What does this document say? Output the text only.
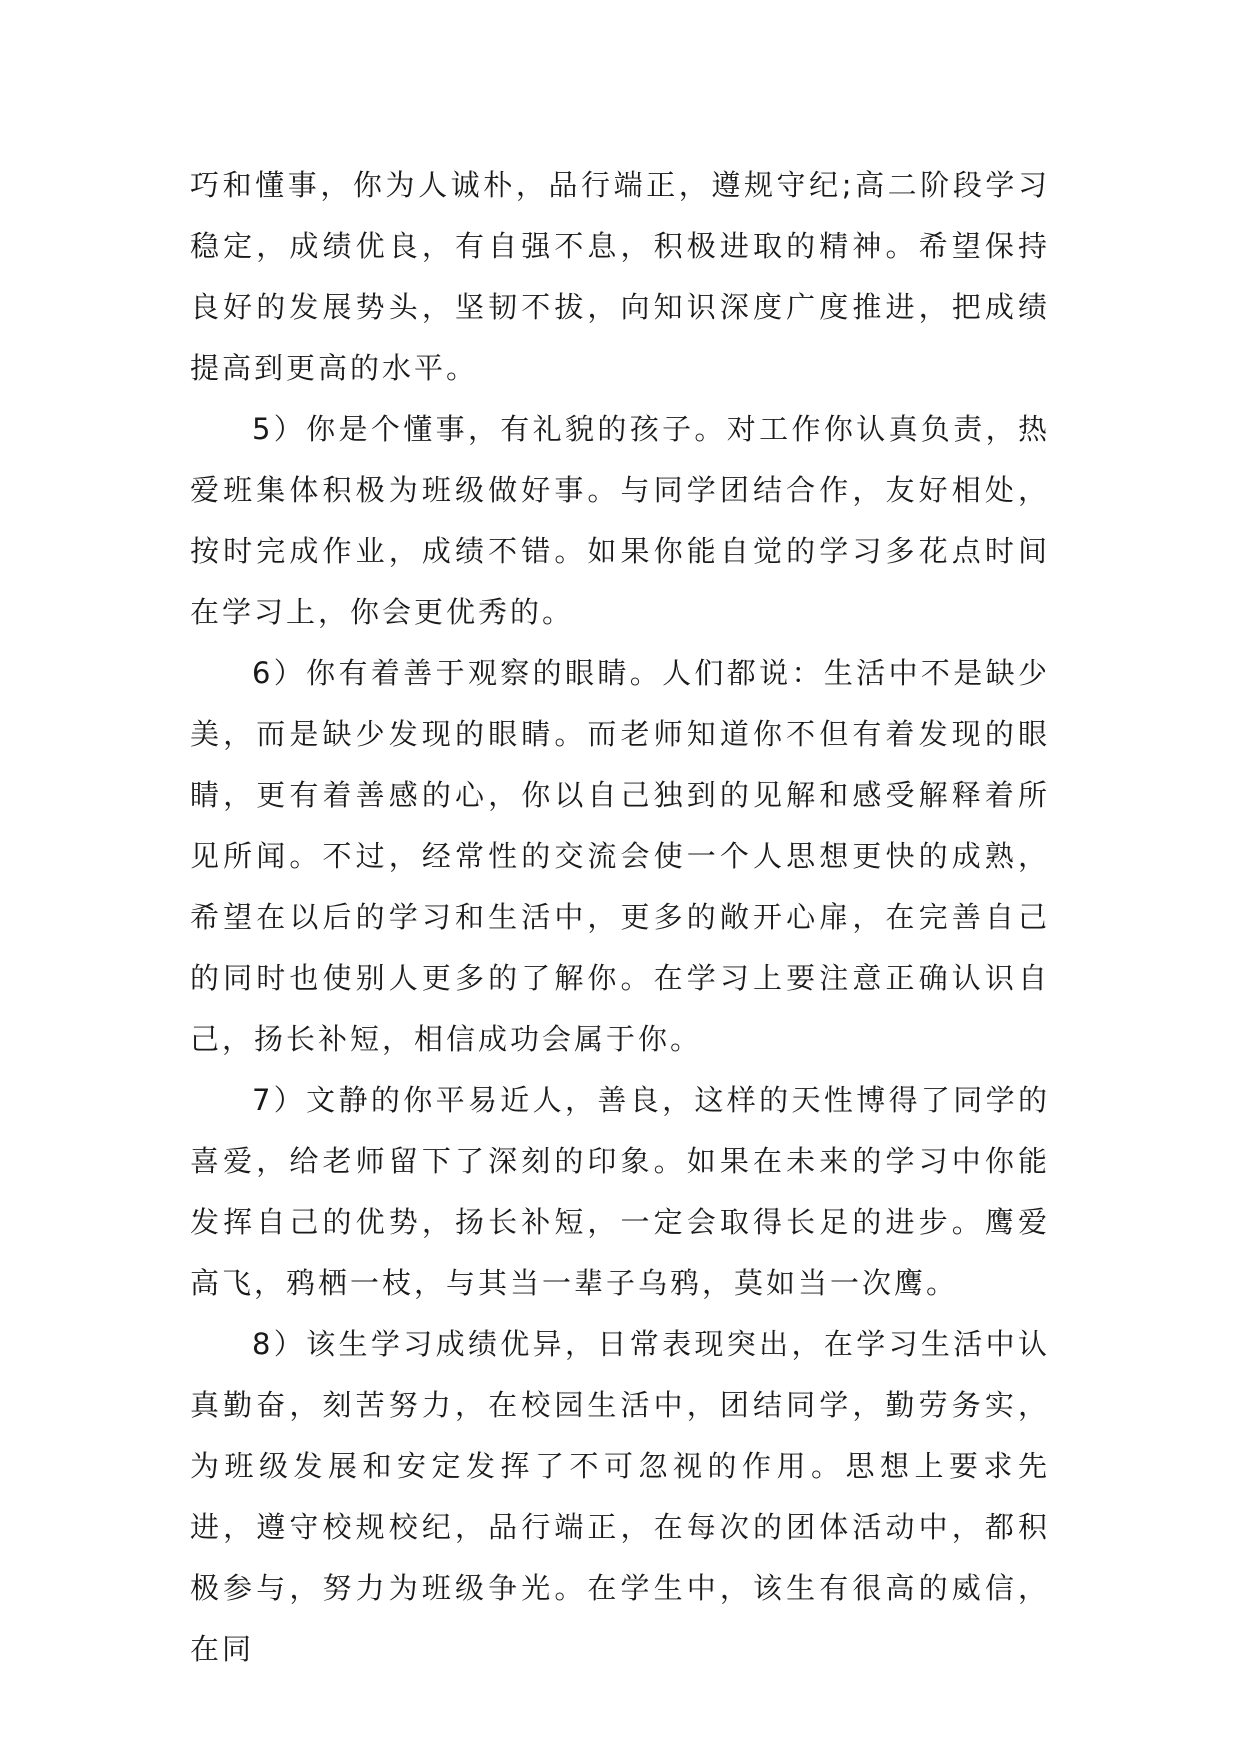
巧和懂事，你为人诚朴，品行端正，遵规守纪;高二阶段学习稳定，成绩优良，有自强不息，积极进取的精神。希望保持良好的发展势头，坚韧不拔，向知识深度广度推进，把成绩提高到更高的水平。

5）你是个懂事，有礼貌的孩子。对工作你认真负责，热爱班集体积极为班级做好事。与同学团结合作，友好相处，按时完成作业，成绩不错。如果你能自觉的学习多花点时间在学习上，你会更优秀的。

6）你有着善于观察的眼睛。人们都说：生活中不是缺少美，而是缺少发现的眼睛。而老师知道你不但有着发现的眼睛，更有着善感的心，你以自己独到的见解和感受解释着所见所闻。不过，经常性的交流会使一个人思想更快的成熟，希望在以后的学习和生活中，更多的敞开心扉，在完善自己的同时也使别人更多的了解你。在学习上要注意正确认识自己，扬长补短，相信成功会属于你。

7）文静的你平易近人，善良，这样的天性博得了同学的喜爱，给老师留下了深刻的印象。如果在未来的学习中你能发挥自己的优势，扬长补短，一定会取得长足的进步。鹰爱高飞，鸦栖一枝，与其当一辈子乌鸦，莫如当一次鹰。

8）该生学习成绩优异，日常表现突出，在学习生活中认真勤奋，刻苦努力，在校园生活中，团结同学，勤劳务实，为班级发展和安定发挥了不可忽视的作用。思想上要求先进，遵守校规校纪，品行端正，在每次的团体活动中，都积极参与，努力为班级争光。在学生中，该生有很高的威信，在同
